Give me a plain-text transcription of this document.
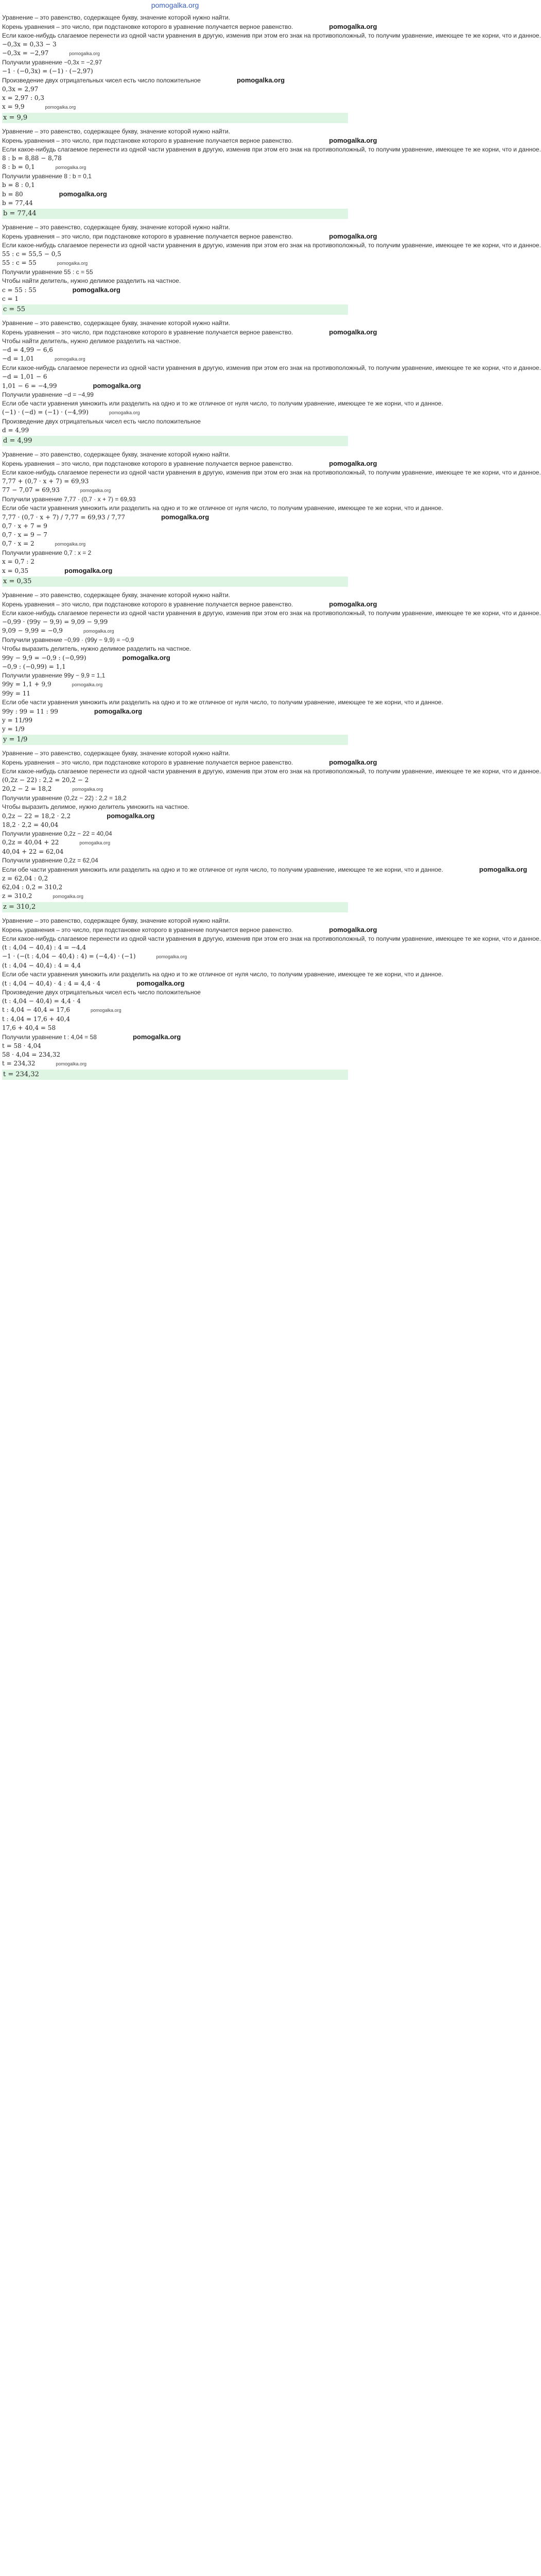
pomogalka.org
Уравнение – это равенство, содержащее букву, значение которой нужно найти.
Корень уравнения – это число, при подстановке которого в уравнение получается верное равенство.	pomogalka.org
Если какое-нибудь слагаемое перенести из одной части уравнения в другую, изменив при этом его знак на противоположный, то получим уравнение, имеющее те же корни, что и данное.
−0,3x = 0,33 − 3
−0,3x = −2,97	pomogalka.org
Получили уравнение −0,3x = −2,97
−1 · (−0,3x) = (−1) · (−2,97)
Произведение двух отрицательных чисел есть число положительное	pomogalka.org
0,3x = 2,97
x = 2,97 : 0,3
x = 9,9	pomogalka.org
x = 9,9
Уравнение – это равенство, содержащее букву, значение которой нужно найти.
Корень уравнения – это число, при подстановке которого в уравнение получается верное равенство.	pomogalka.org
Если какое-нибудь слагаемое перенести из одной части уравнения в другую, изменив при этом его знак на противоположный, то получим уравнение, имеющее те же корни, что и данное.
8 : b = 8,88 − 8,78
8 : b = 0,1	pomogalka.org
Получили уравнение 8 : b = 0,1
b = 8 : 0,1
b = 80	pomogalka.org
b = 77,44
b = 77,44
Уравнение – это равенство, содержащее букву, значение которой нужно найти.
Корень уравнения – это число, при подстановке которого в уравнение получается верное равенство.	pomogalka.org
Если какое-нибудь слагаемое перенести из одной части уравнения в другую, изменив при этом его знак на противоположный, то получим уравнение, имеющее те же корни, что и данное.
55 : c = 55,5 − 0,5
55 : c = 55	pomogalka.org
Получили уравнение 55 : c = 55
Чтобы найти делитель, нужно делимое разделить на частное.
c = 55 : 55	pomogalka.org
c = 1
c = 55
Уравнение – это равенство, содержащее букву, значение которой нужно найти.
Корень уравнения – это число, при подстановке которого в уравнение получается верное равенство.	pomogalka.org
Чтобы найти делитель, нужно делимое разделить на частное.
−d = 4,99 − 6,6
−d = 1,01	pomogalka.org
Если какое-нибудь слагаемое перенести из одной части уравнения в другую, изменив при этом его знак на противоположный, то получим уравнение, имеющее те же корни, что и данное.
−d = 1,01 − 6
1,01 − 6 = −4,99	pomogalka.org
Получили уравнение −d = −4,99
Если обе части уравнения умножить или разделить на одно и то же отличное от нуля число, то получим уравнение, имеющее те же корни, что и данное.
(−1) · (−d) = (−1) · (−4,99)	pomogalka.org
Произведение двух отрицательных чисел есть число положительное
d = 4,99
d = 4,99
Уравнение – это равенство, содержащее букву, значение которой нужно найти.
Корень уравнения – это число, при подстановке которого в уравнение получается верное равенство.	pomogalka.org
Если какое-нибудь слагаемое перенести из одной части уравнения в другую, изменив при этом его знак на противоположный, то получим уравнение, имеющее те же корни, что и данное.
7,77 + (0,7 · x + 7) = 69,93
77 − 7,07 = 69,93	pomogalka.org
Получили уравнение 7,77 · (0,7 · x + 7) = 69,93
Если обе части уравнения умножить или разделить на одно и то же отличное от нуля число, то получим уравнение, имеющее те же корни, что и данное.
7,77 · (0,7 · x + 7) / 7,77 = 69,93 / 7,77	pomogalka.org
0,7 · x + 7 = 9
0,7 · x = 9 − 7
0,7 · x = 2	pomogalka.org
Получили уравнение 0,7 : x = 2
x = 0,7 : 2
x = 0,35	pomogalka.org
x = 0,35
Уравнение – это равенство, содержащее букву, значение которой нужно найти.
Корень уравнения – это число, при подстановке которого в уравнение получается верное равенство.	pomogalka.org
Если какое-нибудь слагаемое перенести из одной части уравнения в другую, изменив при этом его знак на противоположный, то получим уравнение, имеющее те же корни, что и данное.
−0,99 · (99y − 9,9) = 9,09 − 9,99
9,09 − 9,99 = −0,9	pomogalka.org
Получили уравнение −0,99 · (99y − 9,9) = −0,9
Чтобы выразить делитель, нужно делимое разделить на частное.
99y − 9,9 = −0,9 : (−0,99)	pomogalka.org
−0,9 : (−0,99) = 1,1
Получили уравнение 99y − 9,9 = 1,1
99y = 1,1 + 9,9	pomogalka.org
99y = 11
Если обе части уравнения умножить или разделить на одно и то же отличное от нуля число, то получим уравнение, имеющее те же корни, что и данное.
99y : 99 = 11 : 99	pomogalka.org
y = 11/99
y = 1/9
y = 1/9
Уравнение – это равенство, содержащее букву, значение которой нужно найти.
Корень уравнения – это число, при подстановке которого в уравнение получается верное равенство.	pomogalka.org
Если какое-нибудь слагаемое перенести из одной части уравнения в другую, изменив при этом его знак на противоположный, то получим уравнение, имеющее те же корни, что и данное.
(0,2z − 22) : 2,2 = 20,2 − 2
20,2 − 2 = 18,2	pomogalka.org
Получили уравнение (0,2z − 22) : 2,2 = 18,2
Чтобы выразить делимое, нужно делитель умножить на частное.
0,2z − 22 = 18,2 · 2,2	pomogalka.org
18,2 · 2,2 = 40,04
Получили уравнение 0,2z − 22 = 40,04
0,2z = 40,04 + 22	pomogalka.org
40,04 + 22 = 62,04
Получили уравнение 0,2z = 62,04
Если обе части уравнения умножить или разделить на одно и то же отличное от нуля число, то получим уравнение, имеющее те же корни, что и данное.	pomogalka.org
z = 62,04 : 0,2
62,04 : 0,2 = 310,2
z = 310,2	pomogalka.org
z = 310,2
Уравнение – это равенство, содержащее букву, значение которой нужно найти.
Корень уравнения – это число, при подстановке которого в уравнение получается верное равенство.	pomogalka.org
Если какое-нибудь слагаемое перенести из одной части уравнения в другую, изменив при этом его знак на противоположный, то получим уравнение, имеющее те же корни, что и данное.
(t : 4,04 − 40,4) : 4 = −4,4
−1 · (−(t : 4,04 − 40,4) : 4) = (−4,4) · (−1)	pomogalka.org
(t : 4,04 − 40,4) : 4 = 4,4
Если обе части уравнения умножить или разделить на одно и то же отличное от нуля число, то получим уравнение, имеющее те же корни, что и данное.
(t : 4,04 − 40,4) · 4 : 4 = 4,4 · 4	pomogalka.org
Произведение двух отрицательных чисел есть число положительное
(t : 4,04 − 40,4) = 4,4 · 4
t : 4,04 − 40,4 = 17,6	pomogalka.org
t : 4,04 = 17,6 + 40,4
17,6 + 40,4 = 58
Получили уравнение t : 4,04 = 58	pomogalka.org
t = 58 · 4,04
58 · 4,04 = 234,32
t = 234,32	pomogalka.org
t = 234,32
